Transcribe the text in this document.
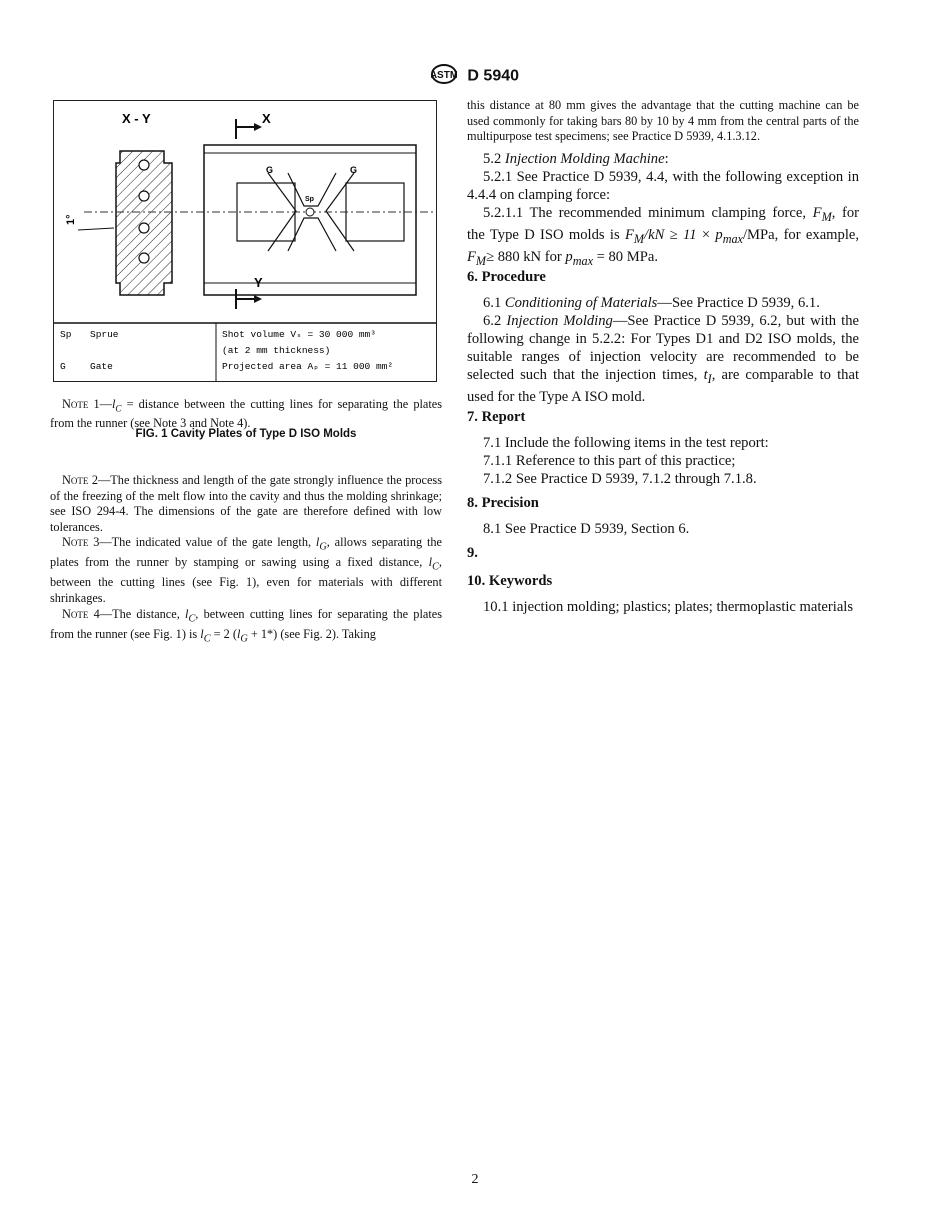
ASTM D 5940
X - Y
1°
X
G	G
Sp
Y
Sp Sprue	Shot volume Vₛ = 30 000 mm³
(at 2 mm thickness)
G	Gate	Projected area Aₚ = 11 000 mm²
Note $1—l_C$ = distance between the cutting lines for separating the plates from the runner (see Note 3 and Note 4).
FIG. 1 Cavity Plates of Type D ISO Molds

Note 2—The thickness and length of the gate strongly influence the process of the freezing of the melt flow into the cavity and thus the molding shrinkage; see ISO 294-4. The dimensions of the gate are therefore defined with low tolerances.

Note 3—The indicated value of the gate length, $l_G$, allows separating the plates from the runner by stamping or sawing using a fixed distance, $l_C$, between the cutting lines (see Fig. 1), even for materials with different shrinkages.

Note 4—The distance, $l_C$, between cutting lines for separating the plates from the runner (see Fig. 1) is $l_C = 2$ $(l_G + 1*)$ (see Fig. 2). Taking

this distance at 80 mm gives the advantage that the cutting machine can be used commonly for taking bars 80 by 10 by 4 mm from the central parts of the multipurpose test specimens; see Practice D 5939, 4.1.3.12.

5.2 Injection Molding Machine:

5.2.1 See Practice D 5939, 4.4, with the following exception in 4.4.4 on clamping force:

5.2.1.1 The recommended minimum clamping force, $F_M$, for the Type D ISO molds is $F_M/kN \ge 11 \times p_{max}/MPa$, for example, $F_M\ge 880$ kN for $p_{max} = 80$ MPa.

6. Procedure

6.1 Conditioning of Materials—See Practice D 5939, 6.1.

6.2 Injection Molding—See Practice D 5939, 6.2, but with the following change in 5.2.2: For Types D1 and D2 ISO molds, the suitable ranges of injection velocity are recommended to be selected such that the injection times, $t_I$, are comparable to that used for the Type A ISO mold.

7. Report

7.1 Include the following items in the test report:

7.1.1 Reference to this part of this practice;

7.1.2 See Practice D 5939, 7.1.2 through 7.1.8.

8. Precision

8.1 See Practice D 5939, Section 6.

9.
10. Keywords

10.1 injection molding; plastics; plates; thermoplastic materials

2
